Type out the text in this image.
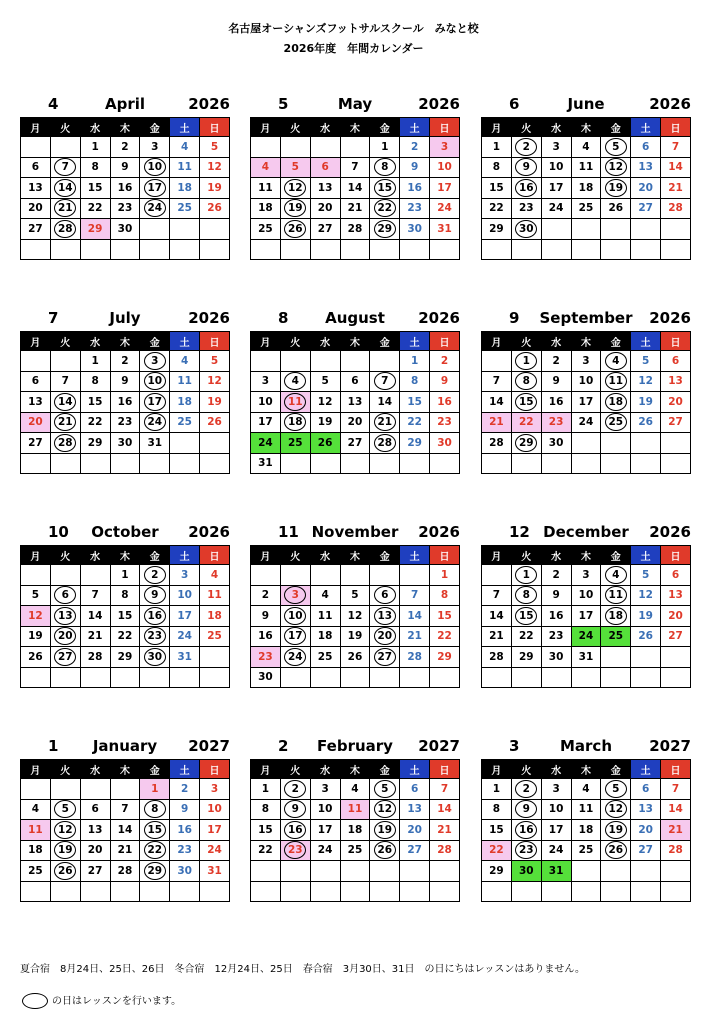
名古屋オーシャンズフットサルスクール　みなと校
2026年度　年間カレンダー
April
4	2026
月	火	水	木	金	土	日
		1	2	3	4	5
6	7	8	9	10	11	12
13	14	15	16	17	18	19
20	21	22	23	24	25	26
27	28	29	30			

May
5	2026
月	火	水	木	金	土	日
				1	2	3
4	5	6	7	8	9	10
11	12	13	14	15	16	17
18	19	20	21	22	23	24
25	26	27	28	29	30	31

June
6	2026
月	火	水	木	金	土	日
1	2	3	4	5	6	7
8	9	10	11	12	13	14
15	16	17	18	19	20	21
22	23	24	25	26	27	28
29	30					

July
7	2026
月	火	水	木	金	土	日
		1	2	3	4	5
6	7	8	9	10	11	12
13	14	15	16	17	18	19
20	21	22	23	24	25	26
27	28	29	30	31		

August
8	2026
月	火	水	木	金	土	日
					1	2
3	4	5	6	7	8	9
10	11	12	13	14	15	16
17	18	19	20	21	22	23
24	25	26	27	28	29	30
31						
September
9	2026
月	火	水	木	金	土	日
	1	2	3	4	5	6
7	8	9	10	11	12	13
14	15	16	17	18	19	20
21	22	23	24	25	26	27
28	29	30				

October
10	2026
月	火	水	木	金	土	日
			1	2	3	4
5	6	7	8	9	10	11
12	13	14	15	16	17	18
19	20	21	22	23	24	25
26	27	28	29	30	31	

November
11	2026
月	火	水	木	金	土	日
						1
2	3	4	5	6	7	8
9	10	11	12	13	14	15
16	17	18	19	20	21	22
23	24	25	26	27	28	29
30						
December
12	2026
月	火	水	木	金	土	日
	1	2	3	4	5	6
7	8	9	10	11	12	13
14	15	16	17	18	19	20
21	22	23	24	25	26	27
28	29	30	31			

January
1	2027
月	火	水	木	金	土	日
				1	2	3
4	5	6	7	8	9	10
11	12	13	14	15	16	17
18	19	20	21	22	23	24
25	26	27	28	29	30	31

February
2	2027
月	火	水	木	金	土	日
1	2	3	4	5	6	7
8	9	10	11	12	13	14
15	16	17	18	19	20	21
22	23	24	25	26	27	28

March
3	2027
月	火	水	木	金	土	日
1	2	3	4	5	6	7
8	9	10	11	12	13	14
15	16	17	18	19	20	21
22	23	24	25	26	27	28
29	30	31				

夏合宿　8月24日、25日、26日　冬合宿　12月24日、25日　春合宿　3月30日、31日　の日にちはレッスンはありません。
の日はレッスンを行います。
